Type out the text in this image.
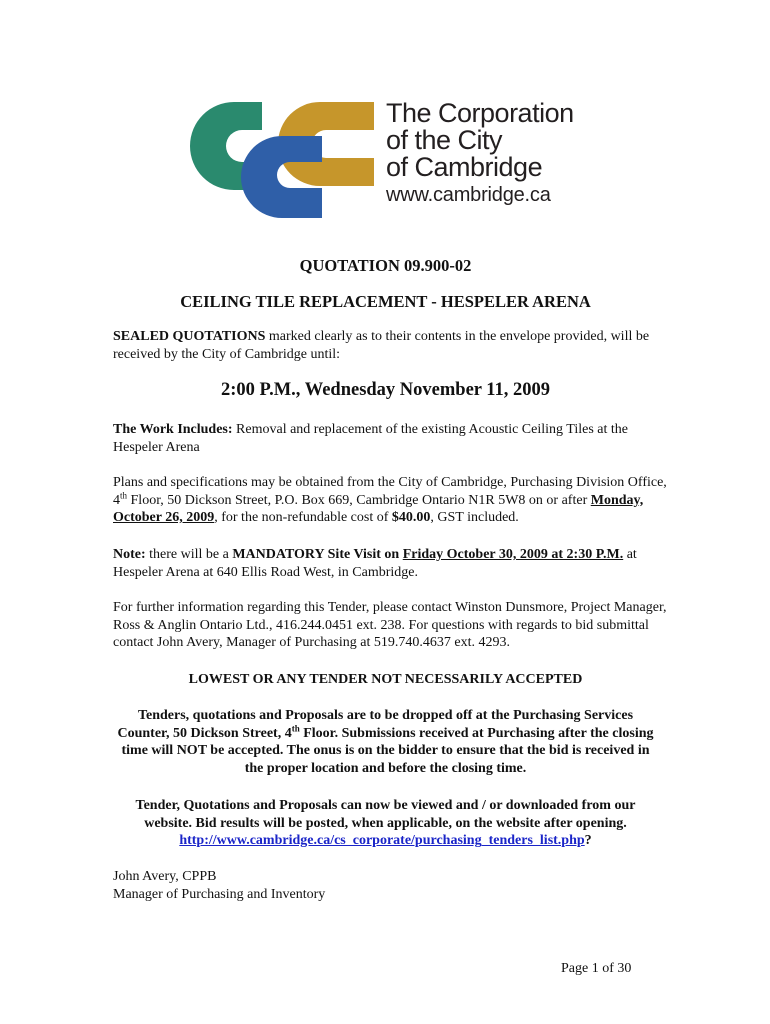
The Corporation
of the City
of Cambridge
www.cambridge.ca
QUOTATION 09.900-02
CEILING TILE REPLACEMENT - HESPELER ARENA
SEALED QUOTATIONS marked clearly as to their contents in the envelope provided, will be received by the City of Cambridge until:
2:00 P.M., Wednesday November 11, 2009
The Work Includes: Removal and replacement of the existing Acoustic Ceiling Tiles at the Hespeler Arena
Plans and specifications may be obtained from the City of Cambridge, Purchasing Division Office, 4th Floor, 50 Dickson Street, P.O. Box 669, Cambridge Ontario N1R 5W8 on or after Monday, October 26, 2009, for the non-refundable cost of $40.00, GST included.
Note: there will be a MANDATORY Site Visit on Friday October 30, 2009 at 2:30 P.M. at Hespeler Arena at 640 Ellis Road West, in Cambridge.
For further information regarding this Tender, please contact Winston Dunsmore, Project Manager, Ross & Anglin Ontario Ltd., 416.244.0451 ext. 238. For questions with regards to bid submittal contact John Avery, Manager of Purchasing at 519.740.4637 ext. 4293.
LOWEST OR ANY TENDER NOT NECESSARILY ACCEPTED
Tenders, quotations and Proposals are to be dropped off at the Purchasing Services Counter, 50 Dickson Street, 4th Floor. Submissions received at Purchasing after the closing time will NOT be accepted. The onus is on the bidder to ensure that the bid is received in the proper location and before the closing time.
Tender, Quotations and Proposals can now be viewed and / or downloaded from our website. Bid results will be posted, when applicable, on the website after opening.
http://www.cambridge.ca/cs_corporate/purchasing_tenders_list.php?
John Avery, CPPB
Manager of Purchasing and Inventory
Page 1 of 30
